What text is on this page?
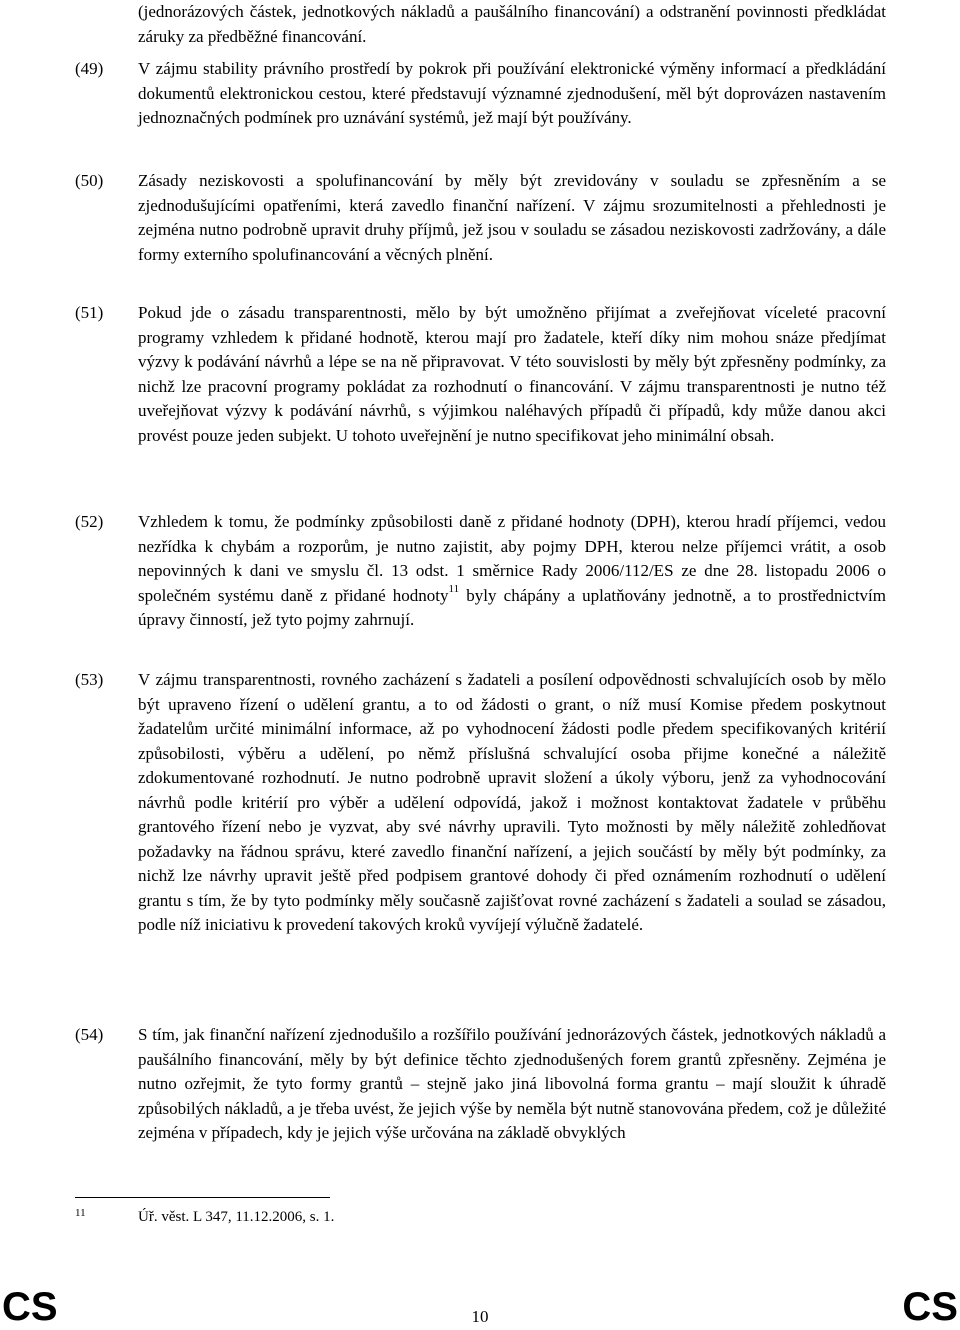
(jednorázových částek, jednotkových nákladů a paušálního financování) a odstranění povinnosti předkládat záruky za předběžné financování.
(49)	V zájmu stability právního prostředí by pokrok při používání elektronické výměny informací a předkládání dokumentů elektronickou cestou, které představují významné zjednodušení, měl být doprovázen nastavením jednoznačných podmínek pro uznávání systémů, jež mají být používány.
(50)	Zásady neziskovosti a spolufinancování by měly být zrevidovány v souladu se zpřesněním a se zjednodušujícími opatřeními, která zavedlo finanční nařízení. V zájmu srozumitelnosti a přehlednosti je zejména nutno podrobně upravit druhy příjmů, jež jsou v souladu se zásadou neziskovosti zadržovány, a dále formy externího spolufinancování a věcných plnění.
(51)	Pokud jde o zásadu transparentnosti, mělo by být umožněno přijímat a zveřejňovat víceleté pracovní programy vzhledem k přidané hodnotě, kterou mají pro žadatele, kteří díky nim mohou snáze předjímat výzvy k podávání návrhů a lépe se na ně připravovat. V této souvislosti by měly být zpřesněny podmínky, za nichž lze pracovní programy pokládat za rozhodnutí o financování. V zájmu transparentnosti je nutno též uveřejňovat výzvy k podávání návrhů, s výjimkou naléhavých případů či případů, kdy může danou akci provést pouze jeden subjekt. U tohoto uveřejnění je nutno specifikovat jeho minimální obsah.
(52)	Vzhledem k tomu, že podmínky způsobilosti daně z přidané hodnoty (DPH), kterou hradí příjemci, vedou nezřídka k chybám a rozporům, je nutno zajistit, aby pojmy DPH, kterou nelze příjemci vrátit, a osob nepovinných k dani ve smyslu čl. 13 odst. 1 směrnice Rady 2006/112/ES ze dne 28. listopadu 2006 o společném systému daně z přidané hodnoty$^{11}$ byly chápány a uplatňovány jednotně, a to prostřednictvím úpravy činností, jež tyto pojmy zahrnují.
(53)	V zájmu transparentnosti, rovného zacházení s žadateli a posílení odpovědnosti schvalujících osob by mělo být upraveno řízení o udělení grantu, a to od žádosti o grant, o níž musí Komise předem poskytnout žadatelům určité minimální informace, až po vyhodnocení žádosti podle předem specifikovaných kritérií způsobilosti, výběru a udělení, po němž příslušná schvalující osoba přijme konečné a náležitě zdokumentované rozhodnutí. Je nutno podrobně upravit složení a úkoly výboru, jenž za vyhodnocování návrhů podle kritérií pro výběr a udělení odpovídá, jakož i možnost kontaktovat žadatele v průběhu grantového řízení nebo je vyzvat, aby své návrhy upravili. Tyto možnosti by měly náležitě zohledňovat požadavky na řádnou správu, které zavedlo finanční nařízení, a jejich součástí by měly být podmínky, za nichž lze návrhy upravit ještě před podpisem grantové dohody či před oznámením rozhodnutí o udělení grantu s tím, že by tyto podmínky měly současně zajišťovat rovné zacházení s žadateli a soulad se zásadou, podle níž iniciativu k provedení takových kroků vyvíjejí výlučně žadatelé.
(54)	S tím, jak finanční nařízení zjednodušilo a rozšířilo používání jednorázových částek, jednotkových nákladů a paušálního financování, měly by být definice těchto zjednodušených forem grantů zpřesněny. Zejména je nutno ozřejmit, že tyto formy grantů – stejně jako jiná libovolná forma grantu – mají sloužit k úhradě způsobilých nákladů, a je třeba uvést, že jejich výše by neměla být nutně stanovována předem, což je důležité zejména v případech, kdy je jejich výše určována na základě obvyklých
11	Úř. věst. L 347, 11.12.2006, s. 1.
CS	10	CS
